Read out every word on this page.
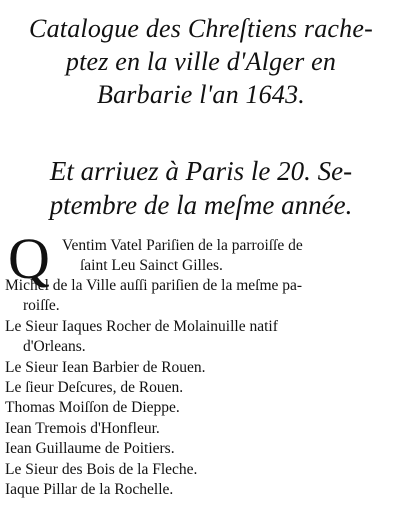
Catalogue des Chreſtiens rache-
ptez en la ville d'Alger en
Barbarie l'an 1643.
Et arriuez à Paris le 20. Se-
ptembre de la meſme année.
Q Ventim Vatel Pariſien de la parroiſſe de
ſaint Leu Sainct Gilles.
Michel de la Ville auſſi pariſien de la meſme pa-
roiſſe.
Le Sieur Iaques Rocher de Molainuille natif
d'Orleans.
Le Sieur Iean Barbier de Rouen.
Le ſieur Deſcures, de Rouen.
Thomas Moiſſon de Dieppe.
Iean Tremois d'Honfleur.
Iean Guillaume de Poitiers.
Le Sieur des Bois de la Fleche.
Iaque Pillar de la Rochelle.
